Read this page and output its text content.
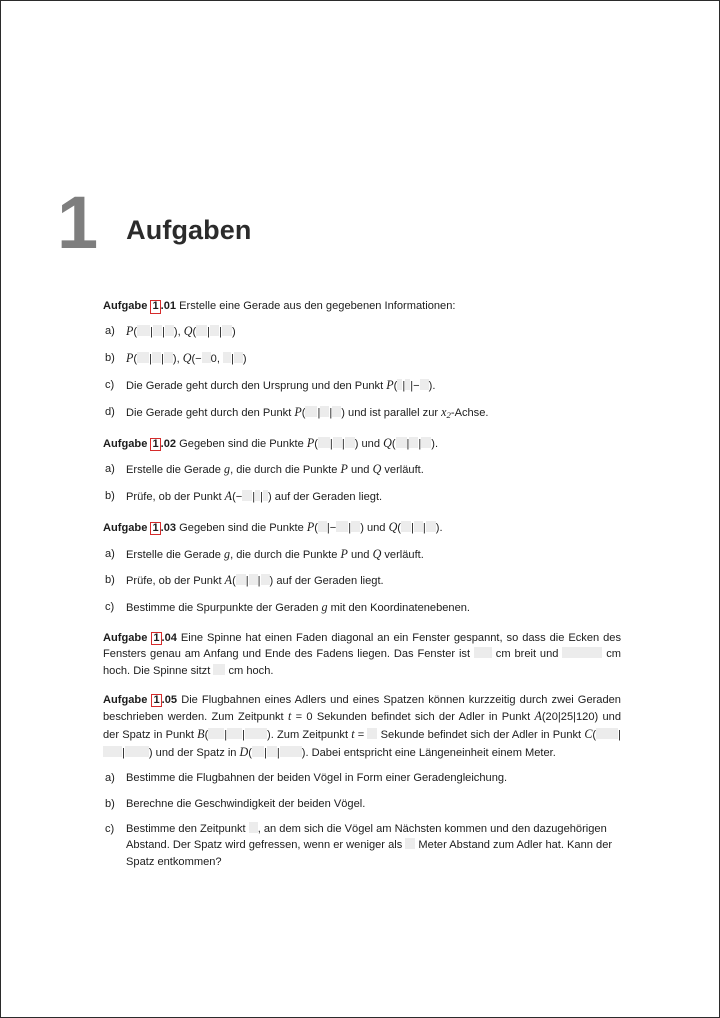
1 Aufgaben

Aufgabe 1 .01 Erstelle eine Gerade aus den gegebenen Informationen:

a) P( | | ), Q( | | )
b) P( | | ), Q(− 0, | )
c) Die Gerade geht durch den Ursprung und den Punkt P( | |− ).
d) Die Gerade geht durch den Punkt P( | | ) und ist parallel zur $x_2$-Achse.

Aufgabe 1 .02 Gegeben sind die Punkte P( | | ) und Q( | | ).

a) Erstelle die Gerade g, die durch die Punkte P und Q verläuft.
b) Prüfe, ob der Punkt A(− | | ) auf der Geraden liegt.

Aufgabe 1 .03 Gegeben sind die Punkte P( |− | ) und Q( | | ).

a) Erstelle die Gerade g, die durch die Punkte P und Q verläuft.
b) Prüfe, ob der Punkt A( | | ) auf der Geraden liegt.
c) Bestimme die Spurpunkte der Geraden g mit den Koordinatenebenen.

Aufgabe 1 .04 Eine Spinne hat einen Faden diagonal an ein Fenster gespannt, so dass die Ecken des Fensters genau am Anfang und Ende des Fadens liegen. Das Fenster ist  cm breit und	cm hoch. Die Spinne sitzt  cm hoch.

Aufgabe 1 .05 Die Flugbahnen eines Adlers und eines Spatzen können kurzzeitig durch zwei Geraden beschrieben werden. Zum Zeitpunkt t = 0 Sekunden befindet sich der Adler in Punkt A(20|25|120) und der Spatz in Punkt B( | | ). Zum Zeitpunkt t =  Sekunde befindet sich der Adler in Punkt C( || ) und der Spatz in D( | | ). Dabei entspricht eine Längeneinheit einem Meter.

a) Bestimme die Flugbahnen der beiden Vögel in Form einer Geradengleichung.
b) Berechne die Geschwindigkeit der beiden Vögel.
c) Bestimme den Zeitpunkt , an dem sich die Vögel am Nächsten kommen und den dazugehörigen Abstand. Der Spatz wird gefressen, wenn er weniger als  Meter Abstand zum Adler hat. Kann der Spatz entkommen?
